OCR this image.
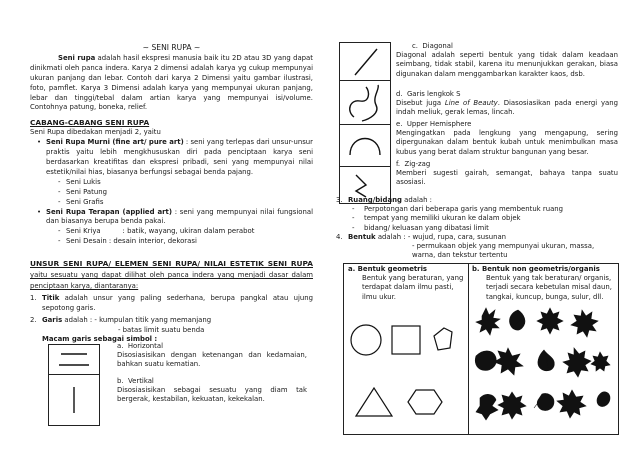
~ SENI RUPA ~

Seni rupa adalah hasil ekspresi manusia baik itu 2D atau 3D yang dapat dinikmati oleh panca indera. Karya 2 dimensi adalah karya yg cukup mempunyai ukuran panjang dan lebar. Contoh dari karya 2 Dimensi yaitu gambar ilustrasi, foto, pamflet. Karya 3 Dimensi adalah karya yang mempunyai ukuran panjang, lebar dan tinggi/tebal dalam artian karya yang mempunyai isi/volume. Contohnya patung, boneka, relief.

CABANG-CABANG SENI RUPA

Seni Rupa dibedakan menjadi 2, yaitu

• Seni Rupa Murni (fine art/ pure art) : seni yang terlepas dari unsur-unsur praktis yaitu lebih mengkhususkan diri pada penciptaan karya seni berdasarkan kreatifitas dan ekspresi pribadi, seni yang mempunyai nilai estetik/nilai hias, biasanya berfungsi sebagai benda pajang.
- Seni Lukis
- Seni Patung
- Seni Grafis
• Seni Rupa Terapan (applied art) : seni yang mempunyai nilai fungsional dan biasanya berupa benda pakai.
- Seni Kriya          : batik, wayang, ukiran dalam perabot
- Seni Desain : desain interior, dekorasi

UNSUR SENI RUPA/ ELEMEN SENI RUPA/ NILAI ESTETIK SENI RUPA yaitu sesuatu yang dapat dilihat oleh panca indera yang menjadi dasar dalam penciptaan karya, diantaranya:

1. Titik adalah unsur yang paling sederhana, berupa pangkal atau ujung sepotong garis.
2. Garis adalah : - kumpulan titik yang memanjang

- batas limit suatu benda

Macam garis sebagai simbol :

a. Horizontal

Disosiasisikan dengan ketenangan dan kedamaian, bahkan suatu kematian.

b. Vertikal

Disosiasisikan sebagai sesuatu yang diam tak bergerak, kestabilan, kekuatan, kekekalan.

c. Diagonal

Diagonal adalah seperti bentuk yang tidak dalam keadaan seimbang, tidak stabil, karena itu menunjukkan gerakan, biasa digunakan dalam menggambarkan karakter kaos, dsb.

d. Garis lengkok S

Disebut juga Line of Beauty. Diasosiasikan pada energi yang indah meliuk, gerak lemas, lincah.

e. Upper Hemisphere

Mengingatkan pada lengkung yang mengapung, sering dipergunakan dalam bentuk kubah untuk menimbulkan masa kubus yang berat dalam struktur bangunan yang besar.

f. Zig-zag

Memberi sugesti gairah, semangat, bahaya tanpa suatu asosiasi.

3. Ruang/bidang adalah :
- Perpotongan dari beberapa garis yang membentuk ruang
- tempat yang memiliki ukuran ke dalam objek
- bidang/ keluasan yang dibatasi limit
4. Bentuk adalah : - wujud, rupa, cara, susunan

- permukaan objek yang mempunyai ukuran, massa, warna, dan tekstur tertentu

a. Bentuk geometris

Bentuk yang beraturan, yang terdapat dalam ilmu pasti, ilmu ukur.

b. Bentuk non geometris/organis

Bentuk yang tak beraturan/ organis, terjadi secara kebetulan misal daun, tangkai, kuncup, bunga, sulur, dll.
